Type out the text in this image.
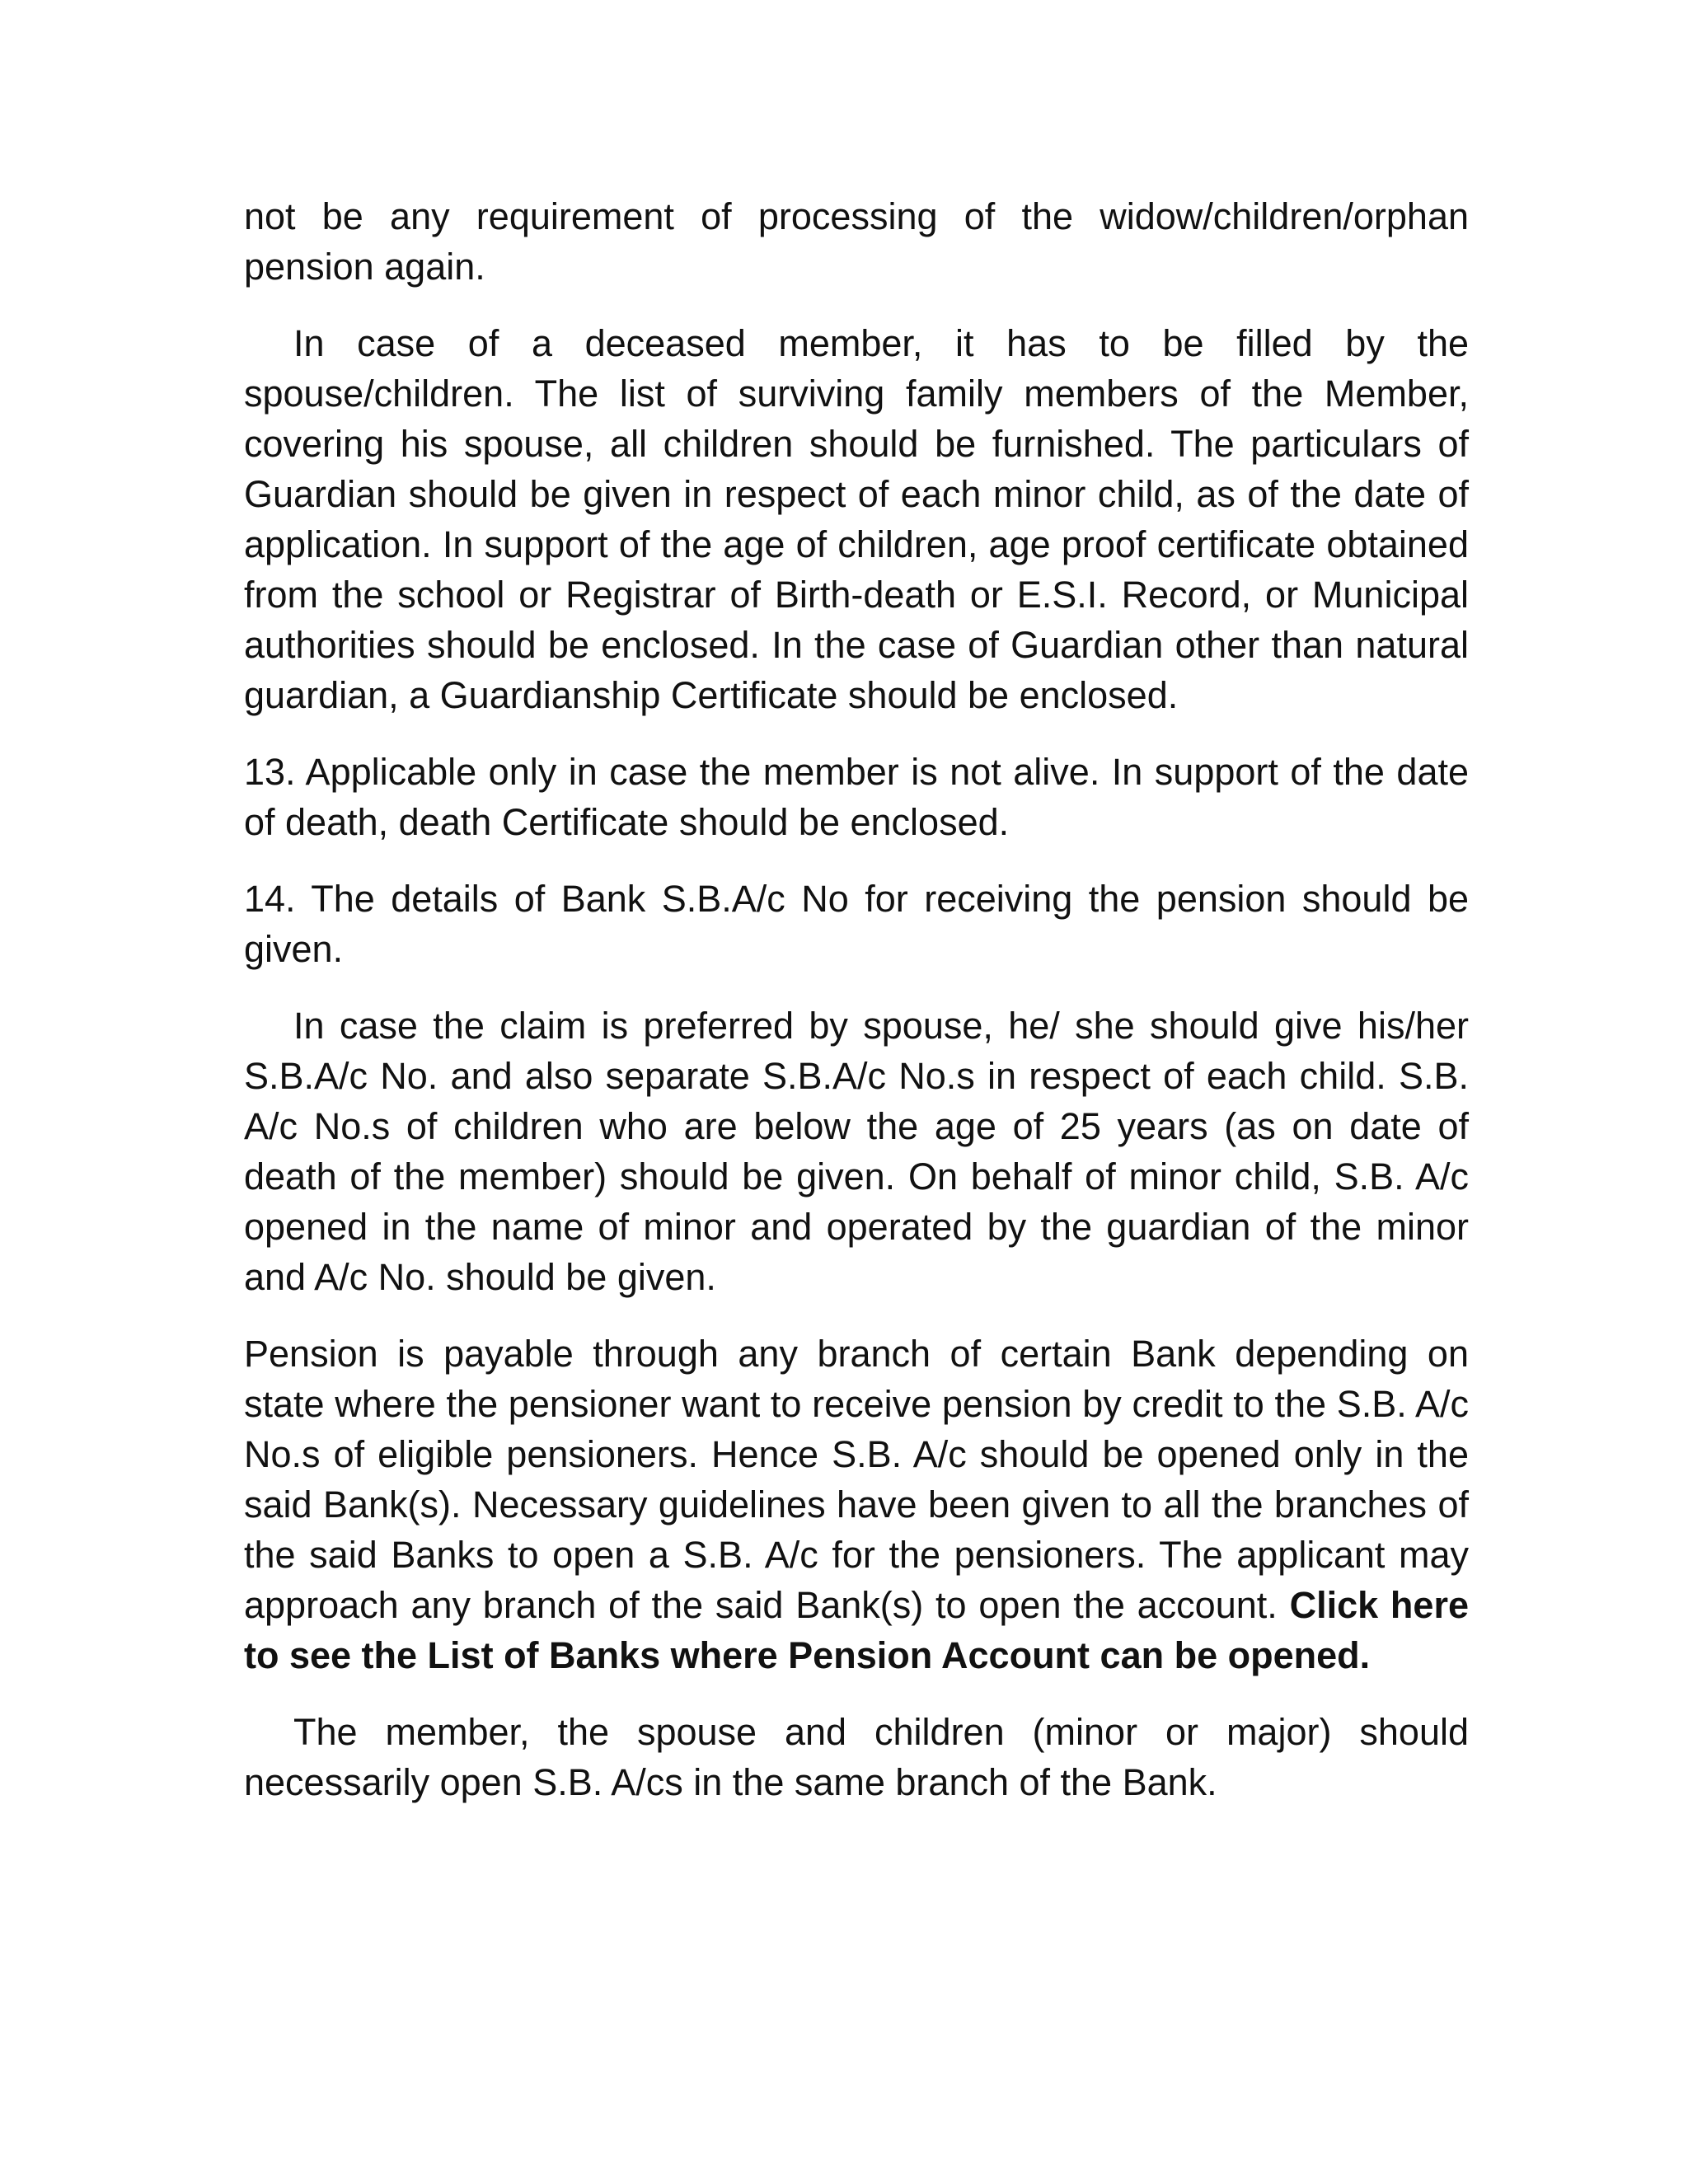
not be any requirement of processing of the widow/children/orphan pension again.

In case of a deceased member, it has to be filled by the spouse/children. The list of surviving family members of the Member, covering his spouse, all children should be furnished. The particulars of Guardian should be given in respect of each minor child, as of the date of application. In support of the age of children, age proof certificate obtained from the school or Registrar of Birth-death or E.S.I. Record, or Municipal authorities should be enclosed. In the case of Guardian other than natural guardian, a Guardianship Certificate should be enclosed.

13. Applicable only in case the member is not alive. In support of the date of death, death Certificate should be enclosed.

14. The details of Bank S.B.A/c No for receiving the pension should be given.

In case the claim is preferred by spouse, he/ she should give his/her S.B.A/c No. and also separate S.B.A/c No.s in respect of each child. S.B. A/c No.s of children who are below the age of 25 years (as on date of death of the member) should be given. On behalf of minor child, S.B. A/c opened in the name of minor and operated by the guardian of the minor and A/c No. should be given.

Pension is payable through any branch of certain Bank depending on state where the pensioner want to receive pension by credit to the S.B. A/c No.s of eligible pensioners. Hence S.B. A/c should be opened only in the said Bank(s). Necessary guidelines have been given to all the branches of the said Banks to open a S.B. A/c for the pensioners. The applicant may approach any branch of the said Bank(s) to open the account. Click here to see the List of Banks where Pension Account can be opened.

The member, the spouse and children (minor or major) should necessarily open S.B. A/cs in the same branch of the Bank.
